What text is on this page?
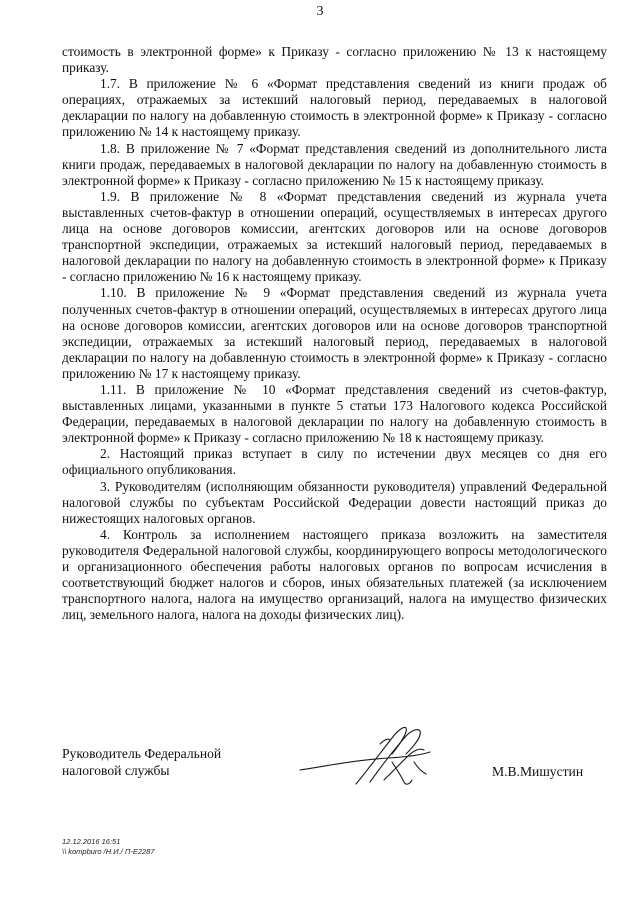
3

стоимость в электронной форме» к Приказу - согласно приложению № 13 к настоящему приказу.

1.7. В приложение № 6 «Формат представления сведений из книги продаж об операциях, отражаемых за истекший налоговый период, передаваемых в налоговой декларации по налогу на добавленную стоимость в электронной форме» к Приказу - согласно приложению № 14 к настоящему приказу.

1.8. В приложение № 7 «Формат представления сведений из дополнительного листа книги продаж, передаваемых в налоговой декларации по налогу на добавленную стоимость в электронной форме» к Приказу - согласно приложению № 15 к настоящему приказу.

1.9. В приложение № 8 «Формат представления сведений из журнала учета выставленных счетов-фактур в отношении операций, осуществляемых в интересах другого лица на основе договоров комиссии, агентских договоров или на основе договоров транспортной экспедиции, отражаемых за истекший налоговый период, передаваемых в налоговой декларации по налогу на добавленную стоимость в электронной форме» к Приказу - согласно приложению № 16 к настоящему приказу.

1.10. В приложение № 9 «Формат представления сведений из журнала учета полученных счетов-фактур в отношении операций, осуществляемых в интересах другого лица на основе договоров комиссии, агентских договоров или на основе договоров транспортной экспедиции, отражаемых за истекший налоговый период, передаваемых в налоговой декларации по налогу на добавленную стоимость в электронной форме» к Приказу - согласно приложению № 17 к настоящему приказу.

1.11. В приложение № 10 «Формат представления сведений из счетов-фактур, выставленных лицами, указанными в пункте 5 статьи 173 Налогового кодекса Российской Федерации, передаваемых в налоговой декларации по налогу на добавленную стоимость в электронной форме» к Приказу - согласно приложению № 18 к настоящему приказу.

2. Настоящий приказ вступает в силу по истечении двух месяцев со дня его официального опубликования.

3. Руководителям (исполняющим обязанности руководителя) управлений Федеральной налоговой службы по субъектам Российской Федерации довести настоящий приказ до нижестоящих налоговых органов.

4. Контроль за исполнением настоящего приказа возложить на заместителя руководителя Федеральной налоговой службы, координирующего вопросы методологического и организационного обеспечения работы налоговых органов по вопросам исчисления в соответствующий бюджет налогов и сборов, иных обязательных платежей (за исключением транспортного налога, налога на имущество организаций, налога на имущество физических лиц, земельного налога, налога на доходы физических лиц).

Руководитель Федеральной
налоговой службы	М.В.Мишустин
12.12.2016 16:51
\\ kompburo /Н.И./ П-Е2287
